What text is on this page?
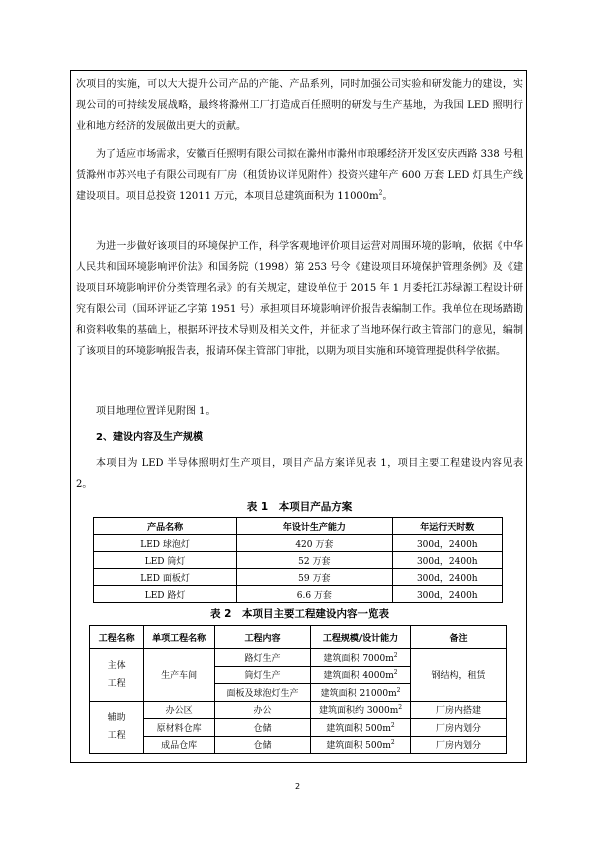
次项目的实施，可以大大提升公司产品的产能、产品系列，同时加强公司实验和研发能力的建设，实现公司的可持续发展战略，最终将滁州工厂打造成百任照明的研发与生产基地，为我国 LED 照明行业和地方经济的发展做出更大的贡献。

为了适应市场需求，安徽百任照明有限公司拟在滁州市滁州市琅琊经济开发区安庆西路 338 号租赁滁州市苏兴电子有限公司现有厂房（租赁协议详见附件）投资兴建年产 600 万套 LED 灯具生产线建设项目。项目总投资 12011 万元，本项目总建筑面积为 $11000m^2$。

为进一步做好该项目的环境保护工作，科学客观地评价项目运营对周围环境的影响，依据《中华人民共和国环境影响评价法》和国务院（1998）第 253 号令《建设项目环境保护管理条例》及《建设项目环境影响评价分类管理名录》的有关规定，建设单位于 2015 年 1 月委托江苏绿源工程设计研究有限公司（国环评证乙字第 1951 号）承担项目环境影响评价报告表编制工作。我单位在现场踏勘和资料收集的基础上，根据环评技术导则及相关文件，并征求了当地环保行政主管部门的意见，编制了该项目的环境影响报告表，报请环保主管部门审批，以期为项目实施和环境管理提供科学依据。

项目地理位置详见附图 1。

2、建设内容及生产规模

本项目为 LED 半导体照明灯生产项目，项目产品方案详见表 1，项目主要工程建设内容见表 2。

表 1　本项目产品方案
产品名称	年设计生产能力	年运行天时数
LED 球泡灯	420 万套	300d，2400h
LED 筒灯	52 万套	300d，2400h
LED 面板灯	59 万套	300d，2400h
LED 路灯	6.6 万套	300d，2400h
表 2　本项目主要工程建设内容一览表
工程名称	单项工程名称	工程内容	工程规模/设计能力	备注
主体
工程	生产车间	路灯生产	建筑面积 $7000m^2$	钢结构，租赁
		筒灯生产	建筑面积 $4000m^2$
		面板及球泡灯生产	建筑面积 $21000m^2$
辅助
工程	办公区	办公	建筑面积约 $3000m^2$	厂房内搭建
	原材料仓库	仓储	建筑面积 $500m^2$	厂房内划分
	成品仓库	仓储	建筑面积 $500m^2$	厂房内划分
2
